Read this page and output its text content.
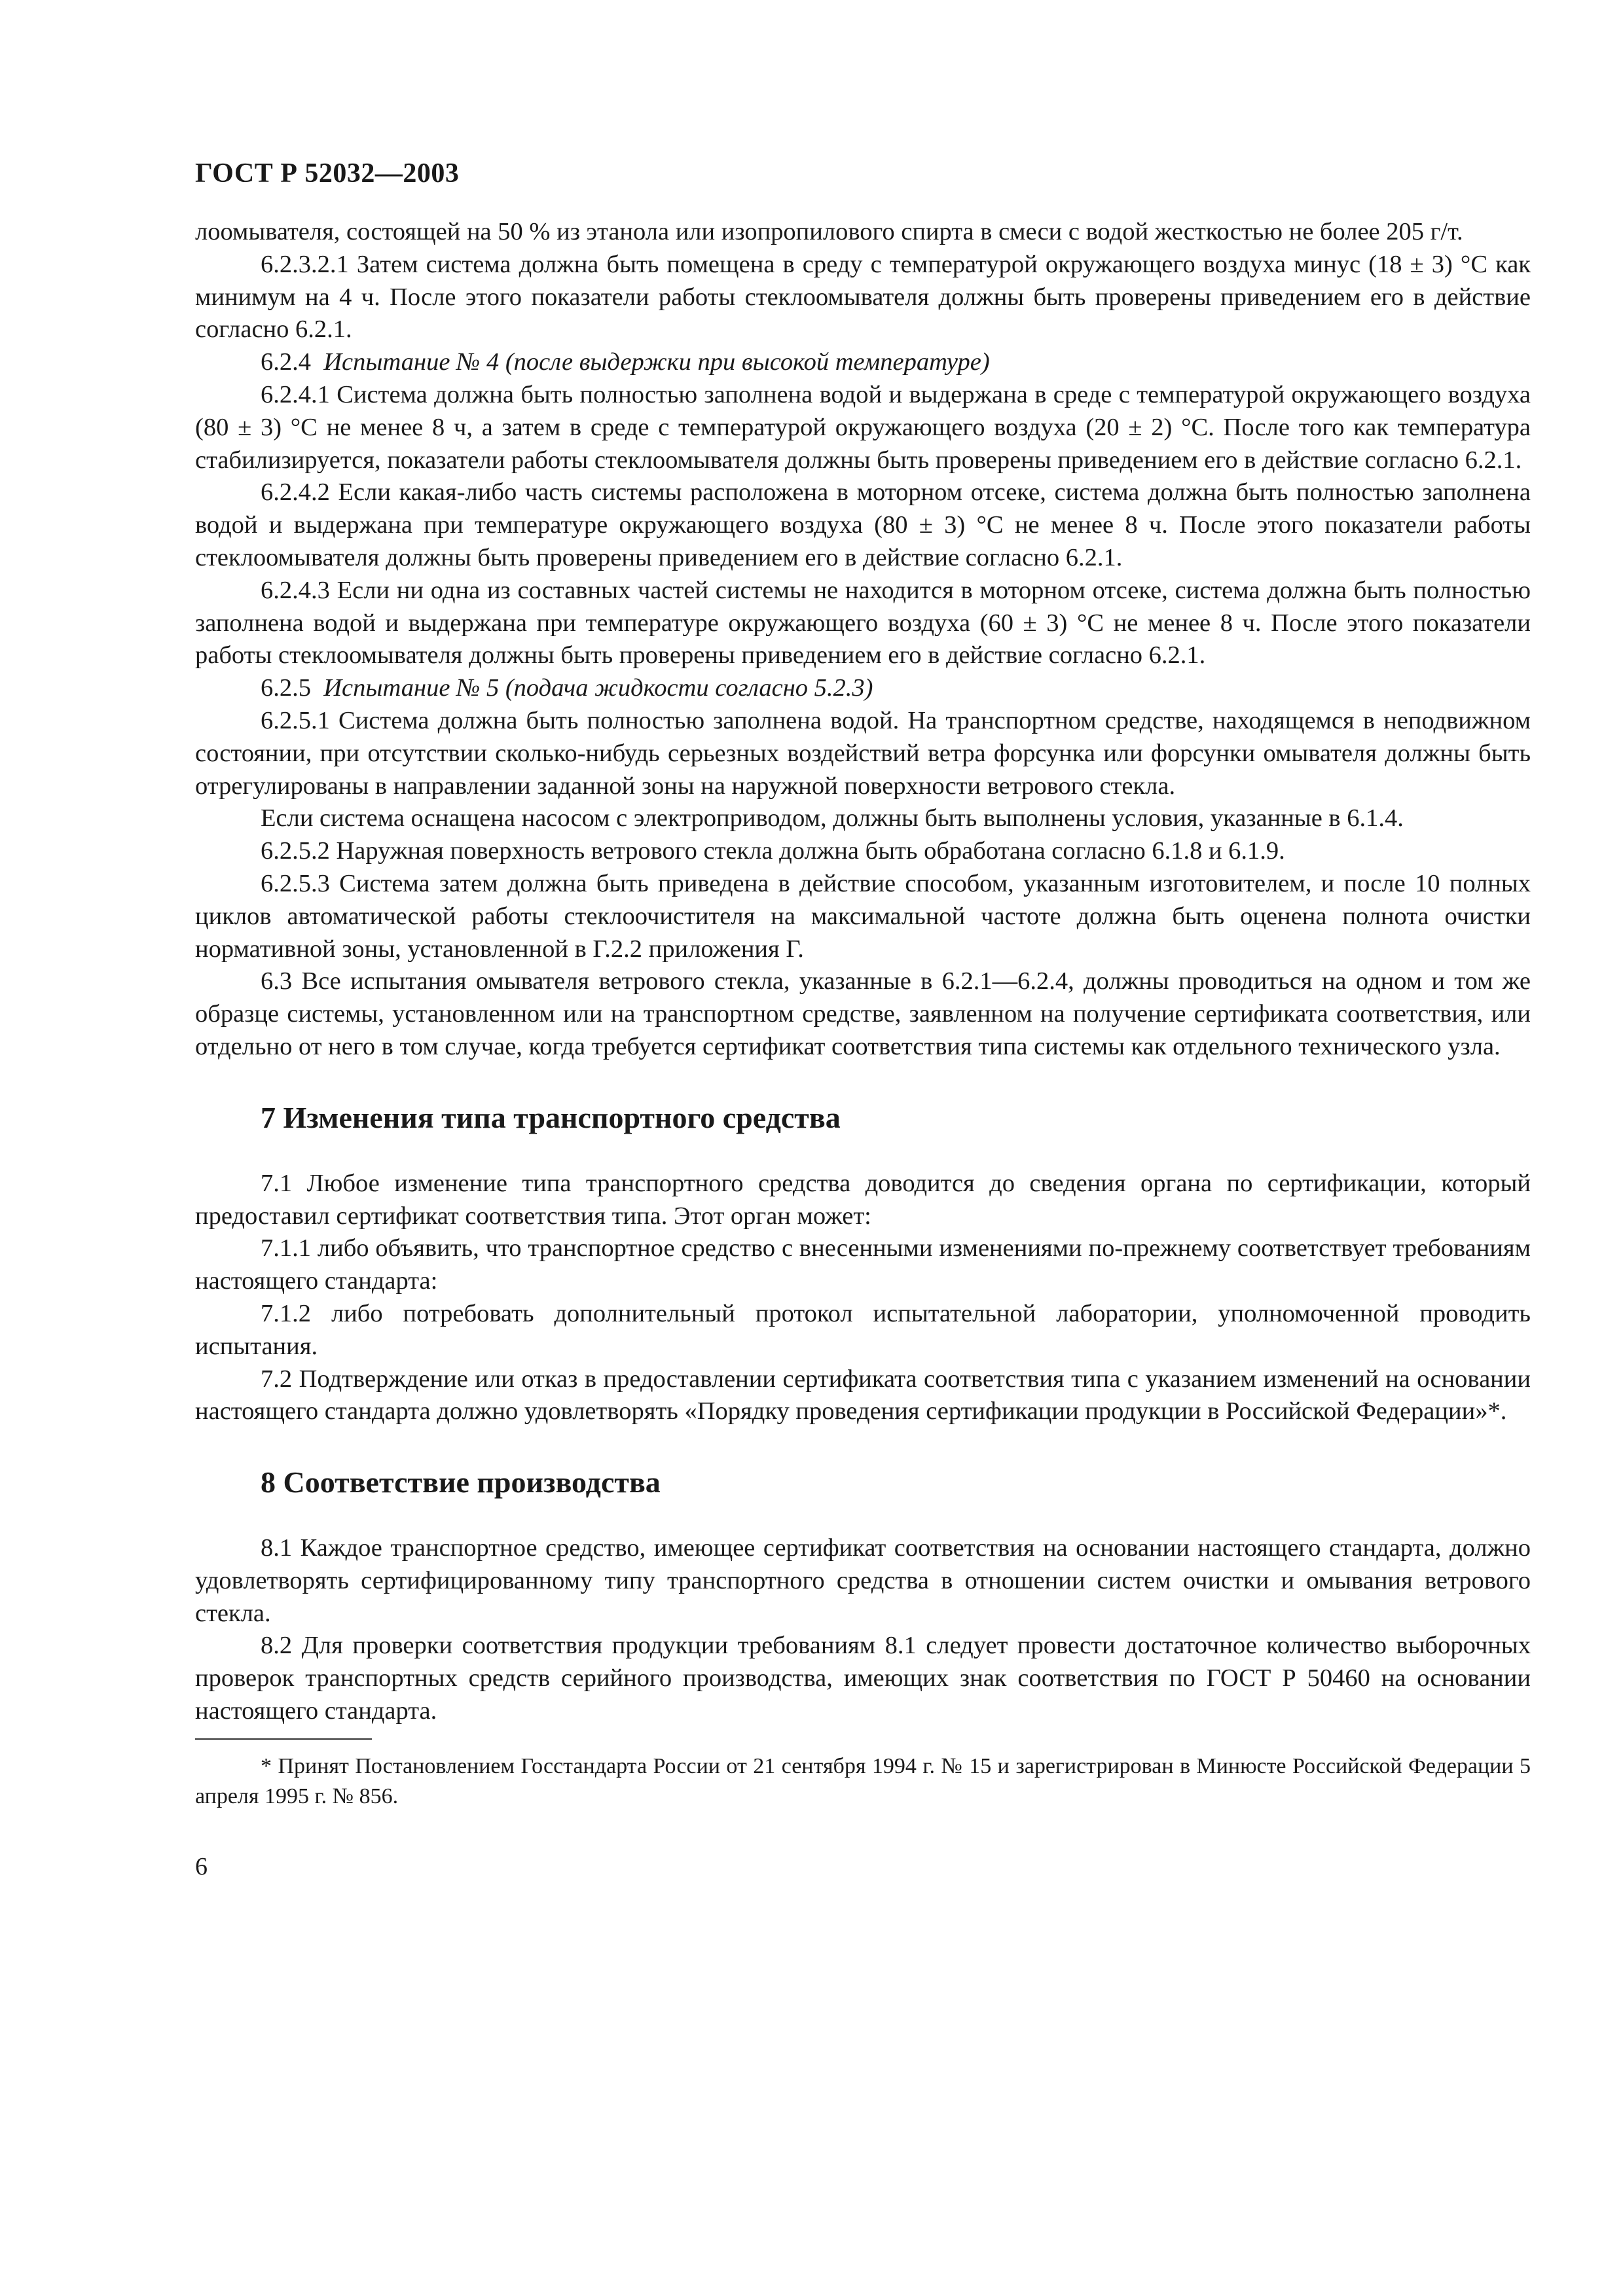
ГОСТ Р 52032—2003

лоомывателя, состоящей на 50 % из этанола или изопропилового спирта в смеси с водой жесткостью не более 205 г/т.

6.2.3.2.1 Затем система должна быть помещена в среду с температурой окружающего воздуха минус (18 ± 3) °С как минимум на 4 ч. После этого показатели работы стеклоомывателя должны быть проверены приведением его в действие согласно 6.2.1.

6.2.4  Испытание № 4 (после выдержки при высокой температуре)

6.2.4.1 Система должна быть полностью заполнена водой и выдержана в среде с температурой окружающего воздуха (80 ± 3) °С не менее 8 ч, а затем в среде с температурой окружающего воздуха (20 ± 2) °С. После того как температура стабилизируется, показатели работы стеклоомывателя должны быть проверены приведением его в действие согласно 6.2.1.

6.2.4.2 Если какая-либо часть системы расположена в моторном отсеке, система должна быть полностью заполнена водой и выдержана при температуре окружающего воздуха (80 ± 3) °С не менее 8 ч. После этого показатели работы стеклоомывателя должны быть проверены приведением его в действие согласно 6.2.1.

6.2.4.3 Если ни одна из составных частей системы не находится в моторном отсеке, система должна быть полностью заполнена водой и выдержана при температуре окружающего воздуха (60 ± 3) °С не менее 8 ч. После этого показатели работы стеклоомывателя должны быть проверены приведением его в действие согласно 6.2.1.

6.2.5  Испытание № 5 (подача жидкости согласно 5.2.3)

6.2.5.1 Система должна быть полностью заполнена водой. На транспортном средстве, находящемся в неподвижном состоянии, при отсутствии сколько-нибудь серьезных воздействий ветра форсунка или форсунки омывателя должны быть отрегулированы в направлении заданной зоны на наружной поверхности ветрового стекла.

Если система оснащена насосом с электроприводом, должны быть выполнены условия, указанные в 6.1.4.

6.2.5.2 Наружная поверхность ветрового стекла должна быть обработана согласно 6.1.8 и 6.1.9.

6.2.5.3 Система затем должна быть приведена в действие способом, указанным изготовителем, и после 10 полных циклов автоматической работы стеклоочистителя на максимальной частоте должна быть оценена полнота очистки нормативной зоны, установленной в Г.2.2 приложения Г.

6.3 Все испытания омывателя ветрового стекла, указанные в 6.2.1—6.2.4, должны проводиться на одном и том же образце системы, установленном или на транспортном средстве, заявленном на получение сертификата соответствия, или отдельно от него в том случае, когда требуется сертификат соответствия типа системы как отдельного технического узла.

7 Изменения типа транспортного средства

7.1 Любое изменение типа транспортного средства доводится до сведения органа по сертификации, который предоставил сертификат соответствия типа. Этот орган может:

7.1.1 либо объявить, что транспортное средство с внесенными изменениями по-прежнему соответствует требованиям настоящего стандарта:

7.1.2 либо потребовать дополнительный протокол испытательной лаборатории, уполномоченной проводить испытания.

7.2 Подтверждение или отказ в предоставлении сертификата соответствия типа с указанием изменений на основании настоящего стандарта должно удовлетворять «Порядку проведения сертификации продукции в Российской Федерации»*.

8 Соответствие производства

8.1 Каждое транспортное средство, имеющее сертификат соответствия на основании настоящего стандарта, должно удовлетворять сертифицированному типу транспортного средства в отношении систем очистки и омывания ветрового стекла.

8.2 Для проверки соответствия продукции требованиям 8.1 следует провести достаточное количество выборочных проверок транспортных средств серийного производства, имеющих знак соответствия по ГОСТ Р 50460 на основании настоящего стандарта.

* Принят Постановлением Госстандарта России от 21 сентября 1994 г. № 15 и зарегистрирован в Минюсте Российской Федерации 5 апреля 1995 г. № 856.

6
